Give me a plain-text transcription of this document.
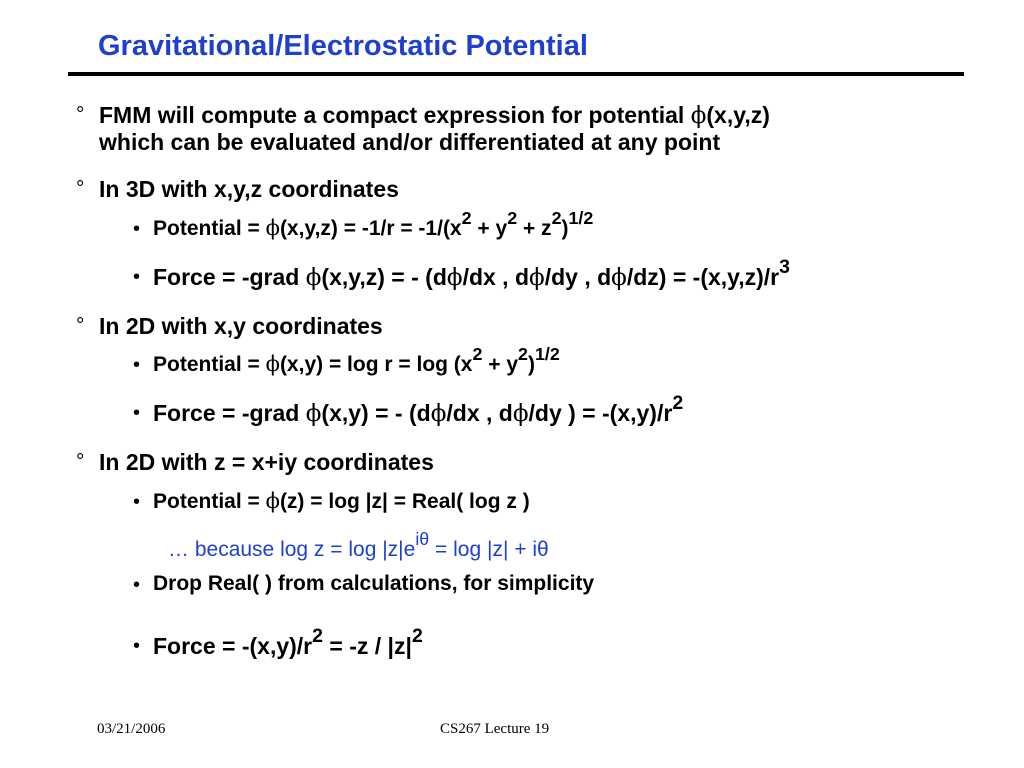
Gravitational/Electrostatic Potential
° FMM will compute a compact expression for potential ϕ(x,y,z)
which can be evaluated and/or differentiated at any point
° In 3D with x,y,z coordinates
• Potential = $\phi(x,y,z) = -1/r = -1/(x^2 + y^2 + z^2)^{1/2}$
• Force = -grad ϕ(x,y,z) = - (dϕ/dx , dϕ/dy , $d\phi/dz) = -(x,y,z)/r^3$
° In 2D with x,y coordinates
• Potential = $\phi(x,y) = \log r = \log (x^2 + y^2)^{1/2}$
• Force = -grad ϕ(x,y) = - (dϕ/dx , dϕ/dy ) = $-(x,y)/r^2$
° In 2D with z = x+iy coordinates
• Potential = ϕ(z) = log |z| = Real( log z )
… because $\log z = \log |z|e^{i\theta} = \log |z| + i\theta$
• Drop Real( ) from calculations, for simplicity
• Force = $-(x,y)/r^2 = -z / |z|^2$
03/21/2006	CS267 Lecture 19
